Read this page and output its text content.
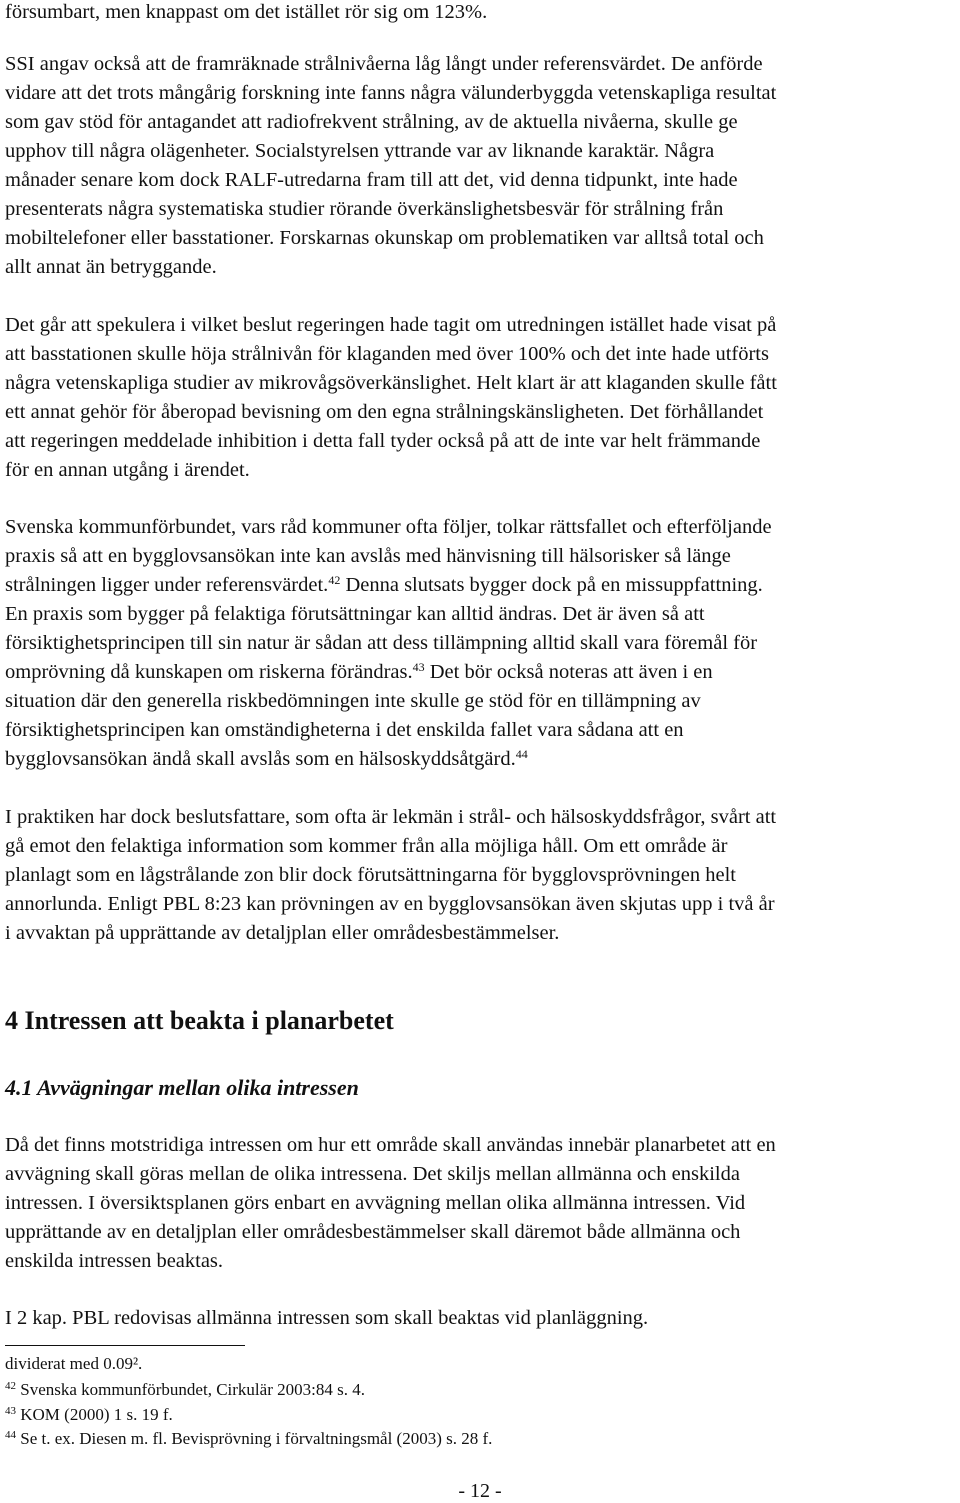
försumbart, men knappast om det istället rör sig om 123%.

SSI angav också att de framräknade strålnivåerna låg långt under referensvärdet. De anförde
vidare att det trots mångårig forskning inte fanns några välunderbyggda vetenskapliga resultat
som gav stöd för antagandet att radiofrekvent strålning, av de aktuella nivåerna, skulle ge
upphov till några olägenheter. Socialstyrelsen yttrande var av liknande karaktär. Några
månader senare kom dock RALF-utredarna fram till att det, vid denna tidpunkt, inte hade
presenterats några systematiska studier rörande överkänslighetsbesvär för strålning från
mobiltelefoner eller basstationer. Forskarnas okunskap om problematiken var alltså total och
allt annat än betryggande.

Det går att spekulera i vilket beslut regeringen hade tagit om utredningen istället hade visat på
att basstationen skulle höja strålnivån för klaganden med över 100% och det inte hade utförts
några vetenskapliga studier av mikrovågsöverkänslighet. Helt klart är att klaganden skulle fått
ett annat gehör för åberopad bevisning om den egna strålningskänsligheten. Det förhållandet
att regeringen meddelade inhibition i detta fall tyder också på att de inte var helt främmande
för en annan utgång i ärendet.

Svenska kommunförbundet, vars råd kommuner ofta följer, tolkar rättsfallet och efterföljande
praxis så att en bygglovsansökan inte kan avslås med hänvisning till hälsorisker så länge
strålningen ligger under referensvärdet.$^{42}$ Denna slutsats bygger dock på en missuppfattning.
En praxis som bygger på felaktiga förutsättningar kan alltid ändras. Det är även så att
försiktighetsprincipen till sin natur är sådan att dess tillämpning alltid skall vara föremål för
omprövning då kunskapen om riskerna förändras.$^{43}$ Det bör också noteras att även i en
situation där den generella riskbedömningen inte skulle ge stöd för en tillämpning av
försiktighetsprincipen kan omständigheterna i det enskilda fallet vara sådana att en
bygglovsansökan ändå skall avslås som en hälsoskyddsåtgärd.$^{44}$

I praktiken har dock beslutsfattare, som ofta är lekmän i strål- och hälsoskyddsfrågor, svårt att
gå emot den felaktiga information som kommer från alla möjliga håll. Om ett område är
planlagt som en lågstrålande zon blir dock förutsättningarna för bygglovsprövningen helt
annorlunda. Enligt PBL 8:23 kan prövningen av en bygglovsansökan även skjutas upp i två år
i avvaktan på upprättande av detaljplan eller områdesbestämmelser.

4 Intressen att beakta i planarbetet
4.1 Avvägningar mellan olika intressen

Då det finns motstridiga intressen om hur ett område skall användas innebär planarbetet att en
avvägning skall göras mellan de olika intressena. Det skiljs mellan allmänna och enskilda
intressen. I översiktsplanen görs enbart en avvägning mellan olika allmänna intressen. Vid
upprättande av en detaljplan eller områdesbestämmelser skall däremot både allmänna och
enskilda intressen beaktas.

I 2 kap. PBL redovisas allmänna intressen som skall beaktas vid planläggning.

dividerat med 0.09².
$^{42}$ Svenska kommunförbundet, Cirkulär 2003:84 s. 4.
$^{43}$ KOM (2000) 1 s. 19 f.
$^{44}$ Se t. ex. Diesen m. fl. Bevisprövning i förvaltningsmål (2003) s. 28 f.
- 12 -
